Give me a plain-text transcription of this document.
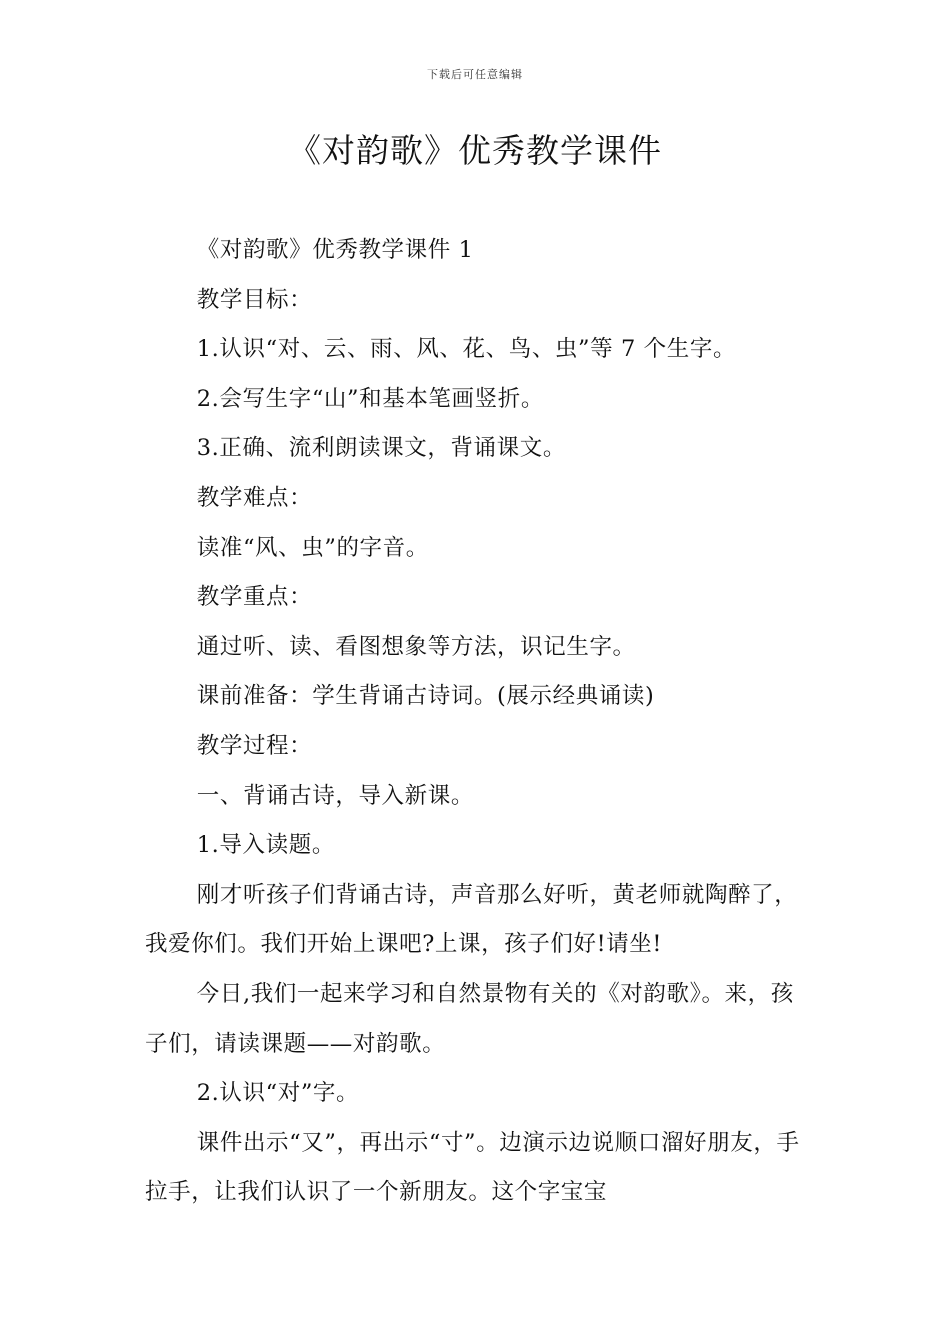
下载后可任意编辑
《对韵歌》优秀教学课件

《对韵歌》优秀教学课件 1

教学目标：

1.认识“对、云、雨、风、花、鸟、虫”等 7 个生字。

2.会写生字“山”和基本笔画竖折。

3.正确、流利朗读课文，背诵课文。

教学难点：

读准“风、虫”的字音。

教学重点：

通过听、读、看图想象等方法，识记生字。

课前准备：学生背诵古诗词。(展示经典诵读)

教学过程：

一、背诵古诗，导入新课。

1.导入读题。

刚才听孩子们背诵古诗，声音那么好听，黄老师就陶醉了，我爱你们。我们开始上课吧?上课，孩子们好!请坐!

今日,我们一起来学习和自然景物有关的《对韵歌》。来，孩子们，请读课题——对韵歌。

2.认识“对”字。

课件出示“又”，再出示“寸”。边演示边说顺口溜好朋友，手拉手，让我们认识了一个新朋友。这个字宝宝
